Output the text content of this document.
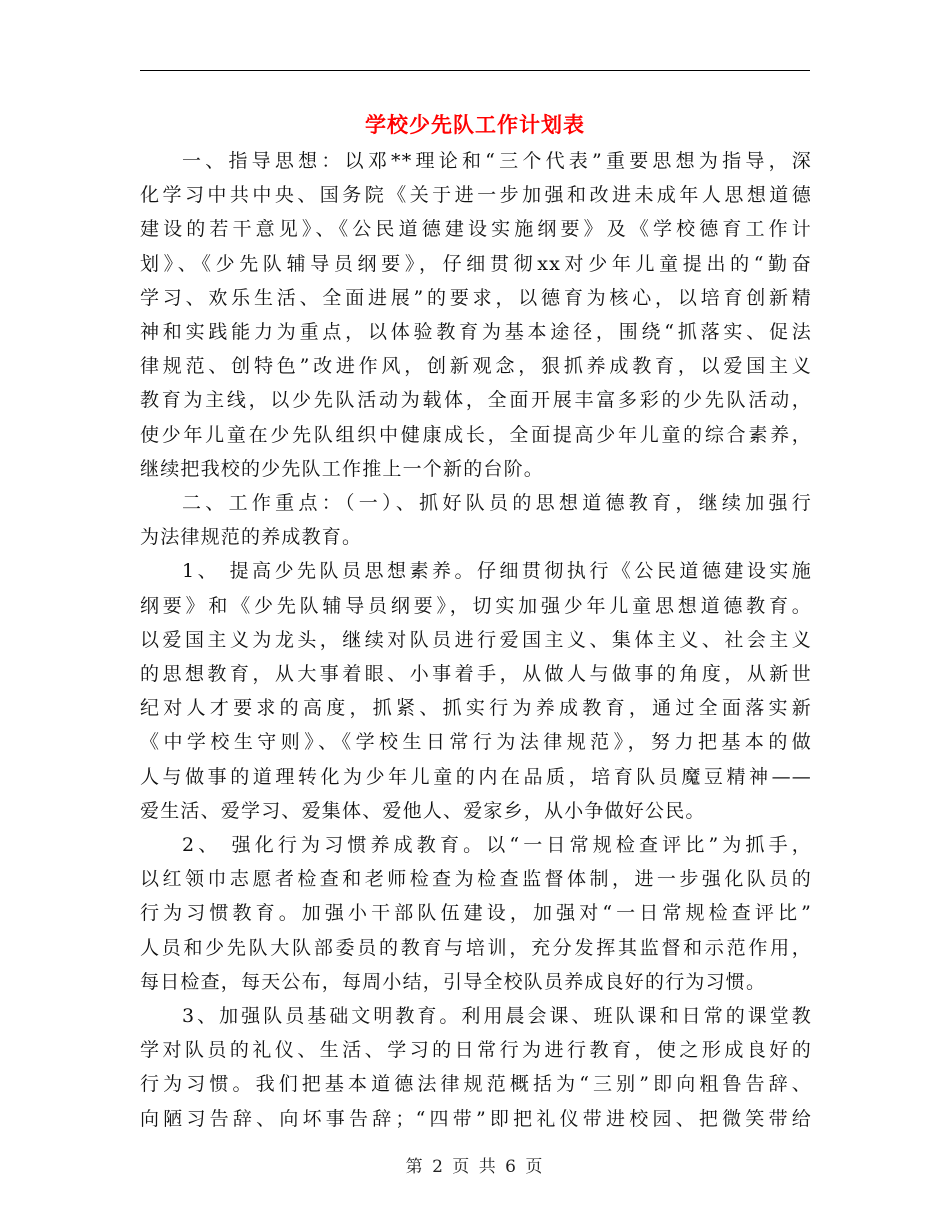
学校少先队工作计划表

一、指导思想：以邓**理论和“三个代表”重要思想为指导，深
化学习中共中央、国务院《关于进一步加强和改进未成年人思想道德
建设的若干意见》、《公民道德建设实施纲要》及《学校德育工作计
划》、《少先队辅导员纲要》，仔细贯彻xx对少年儿童提出的“勤奋
学习、欢乐生活、全面进展”的要求，以德育为核心，以培育创新精
神和实践能力为重点，以体验教育为基本途径，围绕“抓落实、促法
律规范、创特色”改进作风，创新观念，狠抓养成教育，以爱国主义
教育为主线，以少先队活动为载体，全面开展丰富多彩的少先队活动，
使少年儿童在少先队组织中健康成长，全面提高少年儿童的综合素养，
继续把我校的少先队工作推上一个新的台阶。

二、工作重点：（一）、抓好队员的思想道德教育，继续加强行
为法律规范的养成教育。

1、 提高少先队员思想素养。仔细贯彻执行《公民道德建设实施
纲要》和《少先队辅导员纲要》，切实加强少年儿童思想道德教育。
以爱国主义为龙头，继续对队员进行爱国主义、集体主义、社会主义
的思想教育，从大事着眼、小事着手，从做人与做事的角度，从新世
纪对人才要求的高度，抓紧、抓实行为养成教育，通过全面落实新
《中学校生守则》、《学校生日常行为法律规范》，努力把基本的做
人与做事的道理转化为少年儿童的内在品质，培育队员魔豆精神——
爱生活、爱学习、爱集体、爱他人、爱家乡，从小争做好公民。

2、 强化行为习惯养成教育。以“一日常规检查评比”为抓手，
以红领巾志愿者检查和老师检查为检查监督体制，进一步强化队员的
行为习惯教育。加强小干部队伍建设，加强对“一日常规检查评比”
人员和少先队大队部委员的教育与培训，充分发挥其监督和示范作用，
每日检查，每天公布，每周小结，引导全校队员养成良好的行为习惯。

3、加强队员基础文明教育。利用晨会课、班队课和日常的课堂教
学对队员的礼仪、生活、学习的日常行为进行教育，使之形成良好的
行为习惯。我们把基本道德法律规范概括为“三别”即向粗鲁告辞、
向陋习告辞、向坏事告辞；“四带”即把礼仪带进校园、把微笑带给

第 2 页 共 6 页
